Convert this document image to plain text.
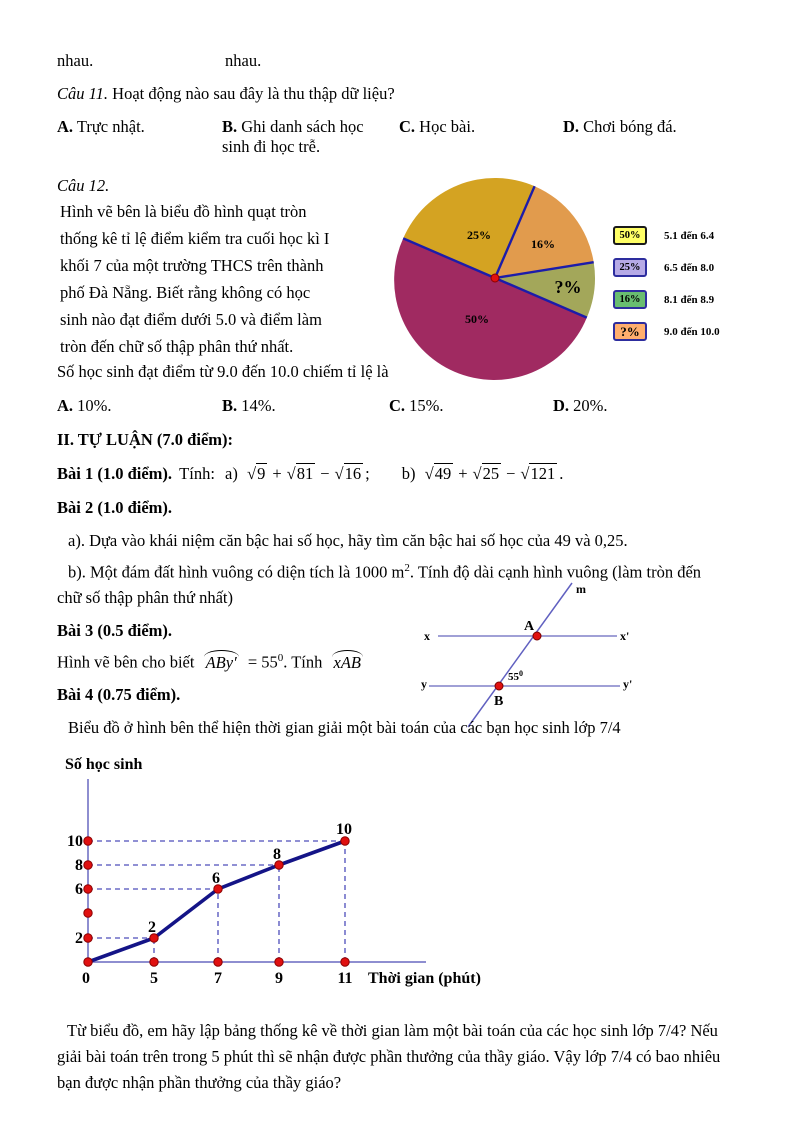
nhau.	nhau.
Câu 11. Hoạt động nào sau đây là thu thập dữ liệu?
A. Trực nhật.	B. Ghi danh sách học sinh đi học trễ.
C. Học bài.	D. Chơi bóng đá.
Câu 12.
Hình vẽ bên là biểu đồ hình quạt tròn
thống kê tỉ lệ điểm kiểm tra cuối học kì I
khối 7 của một trường THCS trên thành
phố Đà Nẵng. Biết rằng không có học
sinh nào đạt điểm dưới 5.0 và điểm làm
tròn đến chữ số thập phân thứ nhất.
25%
16%
?%
50%
50%	5.1 đến 6.4
25%	6.5 đến 8.0
16%	8.1 đến 8.9
?%	9.0 đến 10.0
Số học sinh đạt điểm từ 9.0 đến 10.0 chiếm tỉ lệ là
A. 10%.	B. 14%.	C. 15%.	D. 20%.
II. TỰ LUẬN (7.0 điểm):
Bài 1 (1.0 điểm). Tính: a) √9 + √81 − √16 ; b) √49 + √25 − √121 .
Bài 2 (1.0 điểm).
a). Dựa vào khái niệm căn bậc hai số học, hãy tìm căn bậc hai số học của 49 và 0,25.
b). Một đám đất hình vuông có diện tích là 1000 $m^2$. Tính độ dài cạnh hình vuông (làm tròn đến
chữ số thập phân thứ nhất)
Bài 3 (0.5 điểm).
Hình vẽ bên cho biết $ABy' = 55^0$. Tính xAB
Bài 4 (0.75 điểm).
x	x'
y	y'
m
A
B
$55^0$
Biểu đồ ở hình bên thể hiện thời gian giải một bài toán của các bạn học sinh lớp 7/4
Số học sinh
0	5	7	9	11
10
8
6
2
2
6
8
10
Thời gian (phút)
Từ biểu đồ, em hãy lập bảng thống kê về thời gian làm một bài toán của các học sinh lớp 7/4? Nếu
giải bài toán trên trong 5 phút thì sẽ nhận được phần thưởng của thầy giáo. Vậy lớp 7/4 có bao nhiêu
bạn được nhận phần thưởng của thầy giáo?
